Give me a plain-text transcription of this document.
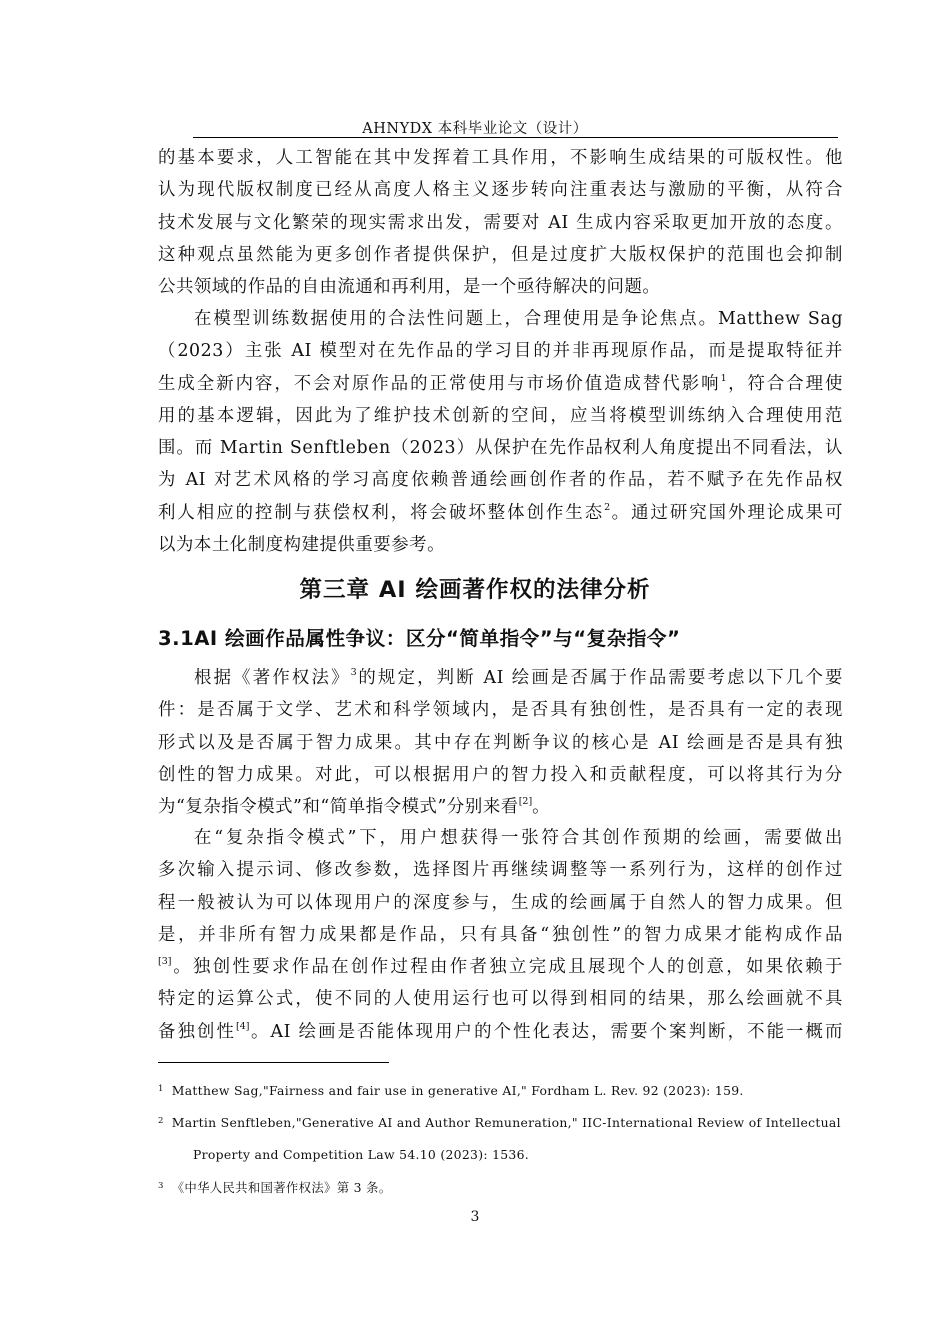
AHNYDX 本科毕业论文（设计）
的基本要求，人工智能在其中发挥着工具作用，不影响生成结果的可版权性。他
认为现代版权制度已经从高度人格主义逐步转向注重表达与激励的平衡，从符合
技术发展与文化繁荣的现实需求出发，需要对 AI 生成内容采取更加开放的态度。
这种观点虽然能为更多创作者提供保护，但是过度扩大版权保护的范围也会抑制
公共领域的作品的自由流通和再利用，是一个亟待解决的问题。
在模型训练数据使用的合法性问题上，合理使用是争论焦点。Matthew Sag
（2023）主张 AI 模型对在先作品的学习目的并非再现原作品，而是提取特征并
生成全新内容，不会对原作品的正常使用与市场价值造成替代影响$^1$，符合合理使
用的基本逻辑，因此为了维护技术创新的空间，应当将模型训练纳入合理使用范
围。而 Martin Senftleben（2023）从保护在先作品权利人角度提出不同看法，认
为 AI 对艺术风格的学习高度依赖普通绘画创作者的作品，若不赋予在先作品权
利人相应的控制与获偿权利，将会破坏整体创作生态$^2$。通过研究国外理论成果可
以为本土化制度构建提供重要参考。
第三章 AI 绘画著作权的法律分析
3.1AI 绘画作品属性争议：区分“简单指令”与“复杂指令”
根据《著作权法》$^3$的规定，判断 AI 绘画是否属于作品需要考虑以下几个要
件：是否属于文学、艺术和科学领域内，是否具有独创性，是否具有一定的表现
形式以及是否属于智力成果。其中存在判断争议的核心是 AI 绘画是否是具有独
创性的智力成果。对此，可以根据用户的智力投入和贡献程度，可以将其行为分
为“复杂指令模式”和“简单指令模式”分别来看[2]。
在“复杂指令模式”下，用户想获得一张符合其创作预期的绘画，需要做出
多次输入提示词、修改参数，选择图片再继续调整等一系列行为，这样的创作过
程一般被认为可以体现用户的深度参与，生成的绘画属于自然人的智力成果。但
是，并非所有智力成果都是作品，只有具备“独创性”的智力成果才能构成作品
[3]。独创性要求作品在创作过程由作者独立完成且展现个人的创意，如果依赖于
特定的运算公式，使不同的人使用运行也可以得到相同的结果，那么绘画就不具
备独创性[4]。AI 绘画是否能体现用户的个性化表达，需要个案判断，不能一概而
$^1$ Matthew Sag,"Fairness and fair use in generative AI," Fordham L. Rev. 92 (2023): 159.
$^2$ Martin Senftleben,"Generative AI and Author Remuneration," IIC-International Review of Intellectual
Property and Competition Law 54.10 (2023): 1536.
$^3$ 《中华人民共和国著作权法》第 3 条。
3
